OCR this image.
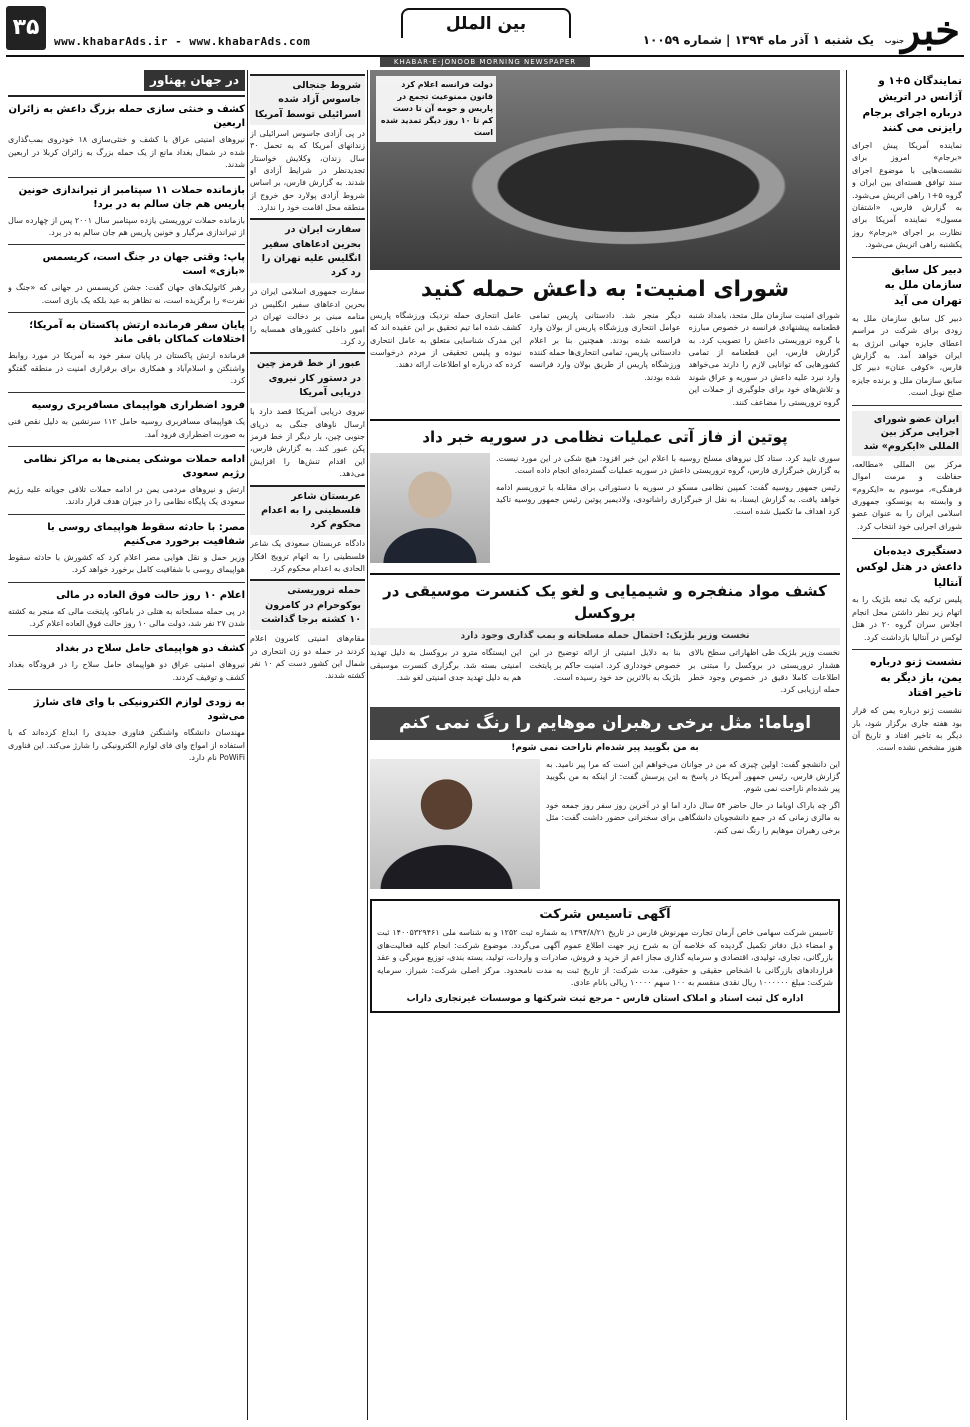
خبر
جنوب
یک شنبه ۱ آذر ماه ۱۳۹۴ | شماره ۱۰۰۵۹
بین الملل
www.khabarAds.ir - www.khabarAds.com
۳۵
KHABAR-E-JONOOB MORNING NEWSPAPER
نمایندگان ۵+۱ و آژانس در اتریش درباره اجرای برجام رایزنی می کنند
نماینده آمریکا پیش اجرای «برجام» امروز برای نشست‌هایی با موضوع اجرای سند توافق هسته‌ای بین ایران و گروه ۵+۱ راهی اتریش می‌شود. به گزارش فارس، «اشتفان مسول» نماینده آمریکا برای نظارت بر اجرای «برجام» روز یکشنبه راهی اتریش می‌شود.
دبیر کل سابق سازمان ملل به تهران می آید
دبیر کل سابق سازمان ملل به زودی برای شرکت در مراسم اعطای جایزه جهانی انرژی به ایران خواهد آمد. به گزارش فارس، «کوفی عنان» دبیر کل سابق سازمان ملل و برنده جایزه صلح نوبل است.
ایران عضو شورای اجرایی مرکز بین المللی «ایکروم» شد
مرکز بین المللی «مطالعه، حفاظت و مرمت اموال فرهنگی»، موسوم به «ایکروم» و وابسته به یونسکو، جمهوری اسلامی ایران را به عنوان عضو شورای اجرایی خود انتخاب کرد.
دستگیری دیده‌بان داعش در هتل لوکس آنتالیا
پلیس ترکیه یک تبعه بلژیک را به اتهام زیر نظر داشتن محل انجام اجلاس سران گروه ۲۰ در هتل لوکس در آنتالیا بازداشت کرد.
نشست ژنو درباره یمن، باز دیگر به تاخیر افتاد
نشست ژنو درباره یمن که قرار بود هفته جاری برگزار شود، بار دیگر به تاخیر افتاد و تاریخ آن هنوز مشخص نشده است.
دولت فرانسه اعلام کرد قانون ممنوعیت تجمع در پاریس و حومه آن تا دست کم تا ۱۰ روز دیگر تمدید شده است
شورای امنیت: به داعش حمله کنید
شورای امنیت سازمان ملل متحد، بامداد شنبه قطعنامه پیشنهادی فرانسه در خصوص مبارزه با گروه تروریستی داعش را تصویب کرد. به گزارش فارس، این قطعنامه از تمامی کشورهایی که توانایی لازم را دارند می‌خواهد وارد نبرد علیه داعش در سوریه و عراق شوند و تلاش‌های خود برای جلوگیری از حملات این گروه تروریستی را مضاعف کنند.
دیگر منجر شد. دادستانی پاریس تمامی عوامل انتحاری ورزشگاه پاریس از بولان وارد فرانسه شده بودند. همچنین بنا بر اعلام دادستانی پاریس، تمامی انتحاری‌ها حمله کننده ورزشگاه پاریس از طریق بولان وارد فرانسه شده بودند.
عامل انتحاری حمله نزدیک ورزشگاه پاریس کشف شده اما تیم تحقیق بر این عقیده اند که این مدرک شناسایی متعلق به عامل انتحاری نبوده و پلیس تحقیقی از مردم درخواست کرده که درباره او اطلاعات ارائه دهند.
پوتین از فاز آتی عملیات نظامی در سوریه خبر داد
سوری تایید کرد. ستاد کل نیروهای مسلح روسیه با اعلام این خبر افزود: هیچ شکی در این مورد نیست. به گزارش خبرگزاری فارس، گروه تروریستی داعش در سوریه عملیات گسترده‌ای انجام داده است.
رئیس جمهور روسیه گفت: کمپین نظامی مسکو در سوریه با دستوراتی برای مقابله با تروریسم ادامه خواهد یافت. به گزارش ایسنا، به نقل از خبرگزاری راشاتودی، ولادیمیر پوتین رئیس جمهور روسیه تاکید کرد اهداف ما تکمیل شده است.
کشف مواد منفجره و شیمیایی و لغو یک کنسرت موسیقی در بروکسل
نخست وزیر بلژیک: احتمال حمله مسلحانه و بمب گذاری وجود دارد
نخست وزیر بلژیک طی اظهاراتی سطح بالای هشدار تروریستی در بروکسل را مبتنی بر اطلاعات کاملا دقیق در خصوص وجود خطر حمله ارزیابی کرد.
بنا به دلایل امنیتی از ارائه توضیح در این خصوص خودداری کرد. امنیت حاکم بر پایتخت بلژیک به بالاترین حد خود رسیده است.
این ایستگاه مترو در بروکسل به دلیل تهدید امنیتی بسته شد. برگزاری کنسرت موسیقی هم به دلیل تهدید جدی امنیتی لغو شد.
اوباما: مثل برخی رهبران موهایم را رنگ نمی کنم
به من بگویید پیر شده‌ام ناراحت نمی شوم!
این دانشجو گفت: اولین چیزی که من در جوانان می‌خواهم این است که مرا پیر نامید. به گزارش فارس، رئیس جمهور آمریکا در پاسخ به این پرسش گفت: از اینکه به من بگویید پیر شده‌ام ناراحت نمی شوم.
اگر چه باراک اوباما در حال حاضر ۵۴ سال دارد اما او در آخرین روز سفر روز جمعه خود به مالزی زمانی که در جمع دانشجویان دانشگاهی برای سخنرانی حضور داشت گفت: مثل برخی رهبران موهایم را رنگ نمی کنم.
آگهی تاسیس شرکت
تاسیس شرکت سهامی خاص آرمان تجارت مهرنوش فارس در تاریخ ۱۳۹۴/۸/۲۱ به شماره ثبت ۱۲۵۲ و به شناسه ملی ۱۴۰۰۵۳۲۹۴۶۱ ثبت و امضاء ذیل دفاتر تکمیل گردیده که خلاصه آن به شرح زیر جهت اطلاع عموم آگهی می‌گردد. موضوع شرکت: انجام کلیه فعالیت‌های بازرگانی، تجاری، تولیدی، اقتصادی و سرمایه گذاری مجاز اعم از خرید و فروش، صادرات و واردات، تولید، بسته بندی، توزیع مویرگی و عقد قراردادهای بازرگانی با اشخاص حقیقی و حقوقی. مدت شرکت: از تاریخ ثبت به مدت نامحدود. مرکز اصلی شرکت: شیراز. سرمایه شرکت: مبلغ ۱۰۰۰۰۰۰ ریال نقدی منقسم به ۱۰۰ سهم ۱۰۰۰۰ ریالی بانام عادی.
اداره کل ثبت اسناد و املاک استان فارس - مرجع ثبت شرکتها و موسسات غیرتجاری داراب
شروط جنجالی جاسوس آزاد شده اسرائیلی توسط آمریکا
در پی آزادی جاسوس اسرائیلی از زندانهای آمریکا که به تحمل ۳۰ سال زندان، وکلایش خواستار تجدیدنظر در شرایط آزادی او شدند. به گزارش فارس، بر اساس شروط آزادی پولارد حق خروج از منطقه محل اقامت خود را ندارد.
سفارت ایران در بحرین ادعاهای سفیر انگلیس علیه تهران را رد کرد
سفارت جمهوری اسلامی ایران در بحرین ادعاهای سفیر انگلیس در منامه مبنی بر دخالت تهران در امور داخلی کشورهای همسایه را رد کرد.
عبور از خط قرمز چین در دستور کار نیروی دریایی آمریکا
نیروی دریایی آمریکا قصد دارد با ارسال ناوهای جنگی به دریای جنوبی چین، بار دیگر از خط قرمز پکن عبور کند. به گزارش فارس، این اقدام تنش‌ها را افزایش می‌دهد.
عربستان شاعر فلسطینی را به اعدام محکوم کرد
دادگاه عربستان سعودی یک شاعر فلسطینی را به اتهام ترویج افکار الحادی به اعدام محکوم کرد.
حمله تروریستی بوکوحرام در کامرون ۱۰ کشته برجا گذاشت
مقام‌های امنیتی کامرون اعلام کردند در حمله دو زن انتحاری در شمال این کشور دست کم ۱۰ نفر کشته شدند.
در جهان پهناور
کشف و خنثی سازی حمله بزرگ داعش به زائران اربعین
نیروهای امنیتی عراق با کشف و خنثی‌سازی ۱۸ خودروی بمب‌گذاری شده در شمال بغداد مانع از یک حمله بزرگ به زائران کربلا در اربعین شدند.
بازمانده حملات ۱۱ سپتامبر از تیراندازی خونین پاریس هم جان سالم به در برد!
بازمانده حملات تروریستی یازده سپتامبر سال ۲۰۰۱ پس از چهارده سال از تیراندازی مرگبار و خونین پاریس هم جان سالم به در برد.
پاپ: وقتی جهان در جنگ است، کریسمس «بازی» است
رهبر کاتولیک‌های جهان گفت: جشن کریسمس در جهانی که «جنگ و نفرت» را برگزیده است، نه تظاهر به عید بلکه یک بازی است.
پایان سفر فرمانده ارتش پاکستان به آمریکا؛ اختلافات کماکان باقی ماند
فرمانده ارتش پاکستان در پایان سفر خود به آمریکا در مورد روابط واشنگتن و اسلام‌آباد و همکاری برای برقراری امنیت در منطقه گفتگو کرد.
فرود اضطراری هواپیمای مسافربری روسیه
یک هواپیمای مسافربری روسیه حامل ۱۱۲ سرنشین به دلیل نقص فنی به صورت اضطراری فرود آمد.
ادامه حملات موشکی یمنی‌ها به مراکز نظامی رژیم سعودی
ارتش و نیروهای مردمی یمن در ادامه حملات تلافی جویانه علیه رژیم سعودی یک پایگاه نظامی را در جیزان هدف قرار دادند.
مصر: با حادثه سقوط هواپیمای روسی با شفافیت برخورد می‌کنیم
وزیر حمل و نقل هوایی مصر اعلام کرد که کشورش با حادثه سقوط هواپیمای روسی با شفافیت کامل برخورد خواهد کرد.
اعلام ۱۰ روز حالت فوق العاده در مالی
در پی حمله مسلحانه به هتلی در باماکو، پایتخت مالی که منجر به کشته شدن ۲۷ نفر شد، دولت مالی ۱۰ روز حالت فوق العاده اعلام کرد.
کشف دو هواپیمای حامل سلاح در بغداد
نیروهای امنیتی عراق دو هواپیمای حامل سلاح را در فرودگاه بغداد کشف و توقیف کردند.
به زودی لوازم الکترونیکی با وای فای شارژ می‌شود
مهندسان دانشگاه واشنگتن فناوری جدیدی را ابداع کرده‌اند که با استفاده از امواج وای فای لوازم الکترونیکی را شارژ می‌کند. این فناوری PoWiFi نام دارد.
